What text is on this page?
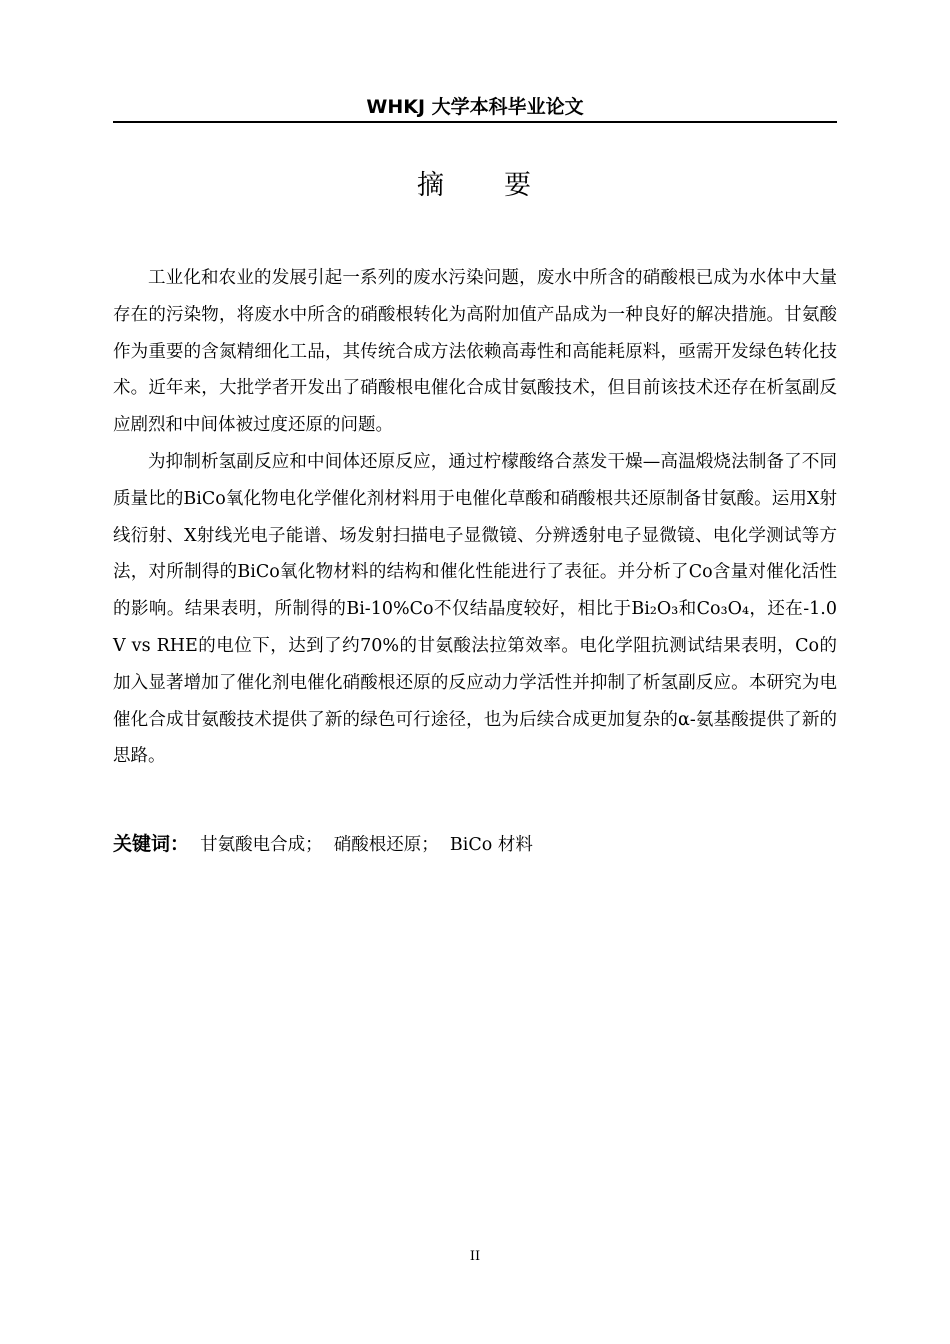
WHKJ 大学本科毕业论文
摘　　要

工业化和农业的发展引起一系列的废水污染问题，废水中所含的硝酸根已成为水体中大量存在的污染物，将废水中所含的硝酸根转化为高附加值产品成为一种良好的解决措施。甘氨酸作为重要的含氮精细化工品，其传统合成方法依赖高毒性和高能耗原料，亟需开发绿色转化技术。近年来，大批学者开发出了硝酸根电催化合成甘氨酸技术，但目前该技术还存在析氢副反应剧烈和中间体被过度还原的问题。

为抑制析氢副反应和中间体还原反应，通过柠檬酸络合蒸发干燥—高温煅烧法制备了不同质量比的BiCo氧化物电化学催化剂材料用于电催化草酸和硝酸根共还原制备甘氨酸。运用X射线衍射、X射线光电子能谱、场发射扫描电子显微镜、分辨透射电子显微镜、电化学测试等方法，对所制得的BiCo氧化物材料的结构和催化性能进行了表征。并分析了Co含量对催化活性的影响。结果表明，所制得的Bi-10%Co不仅结晶度较好，相比于Bi₂O₃和Co₃O₄，还在-1.0 V vs RHE的电位下，达到了约70%的甘氨酸法拉第效率。电化学阻抗测试结果表明，Co的加入显著增加了催化剂电催化硝酸根还原的反应动力学活性并抑制了析氢副反应。本研究为电催化合成甘氨酸技术提供了新的绿色可行途径，也为后续合成更加复杂的α-氨基酸提供了新的思路。

关键词： 甘氨酸电合成；  硝酸根还原；  BiCo 材料
II
